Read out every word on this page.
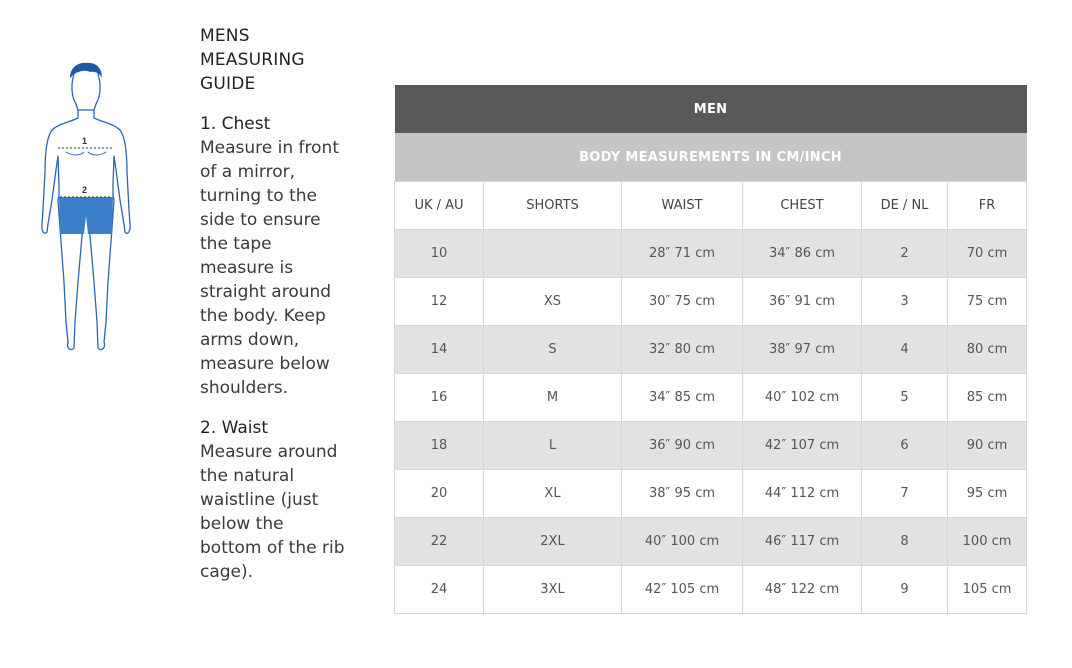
1
2
MENS MEASURING GUIDE
1. Chest
Measure in front of a mirror, turning to the side to ensure the tape measure is straight around the body. Keep arms down, measure below shoulders.
2. Waist
Measure around the natural waistline (just below the bottom of the rib cage).
MEN					
BODY MEASUREMENTS IN CM/INCH					
UK / AU	SHORTS	WAIST	CHEST	DE / NL	FR
10		28″ 71 cm	34″ 86 cm	2	70 cm
12	XS	30″ 75 cm	36″ 91 cm	3	75 cm
14	S	32″ 80 cm	38″ 97 cm	4	80 cm
16	M	34″ 85 cm	40″ 102 cm	5	85 cm
18	L	36″ 90 cm	42″ 107 cm	6	90 cm
20	XL	38″ 95 cm	44″ 112 cm	7	95 cm
22	2XL	40″ 100 cm	46″ 117 cm	8	100 cm
24	3XL	42″ 105 cm	48″ 122 cm	9	105 cm
